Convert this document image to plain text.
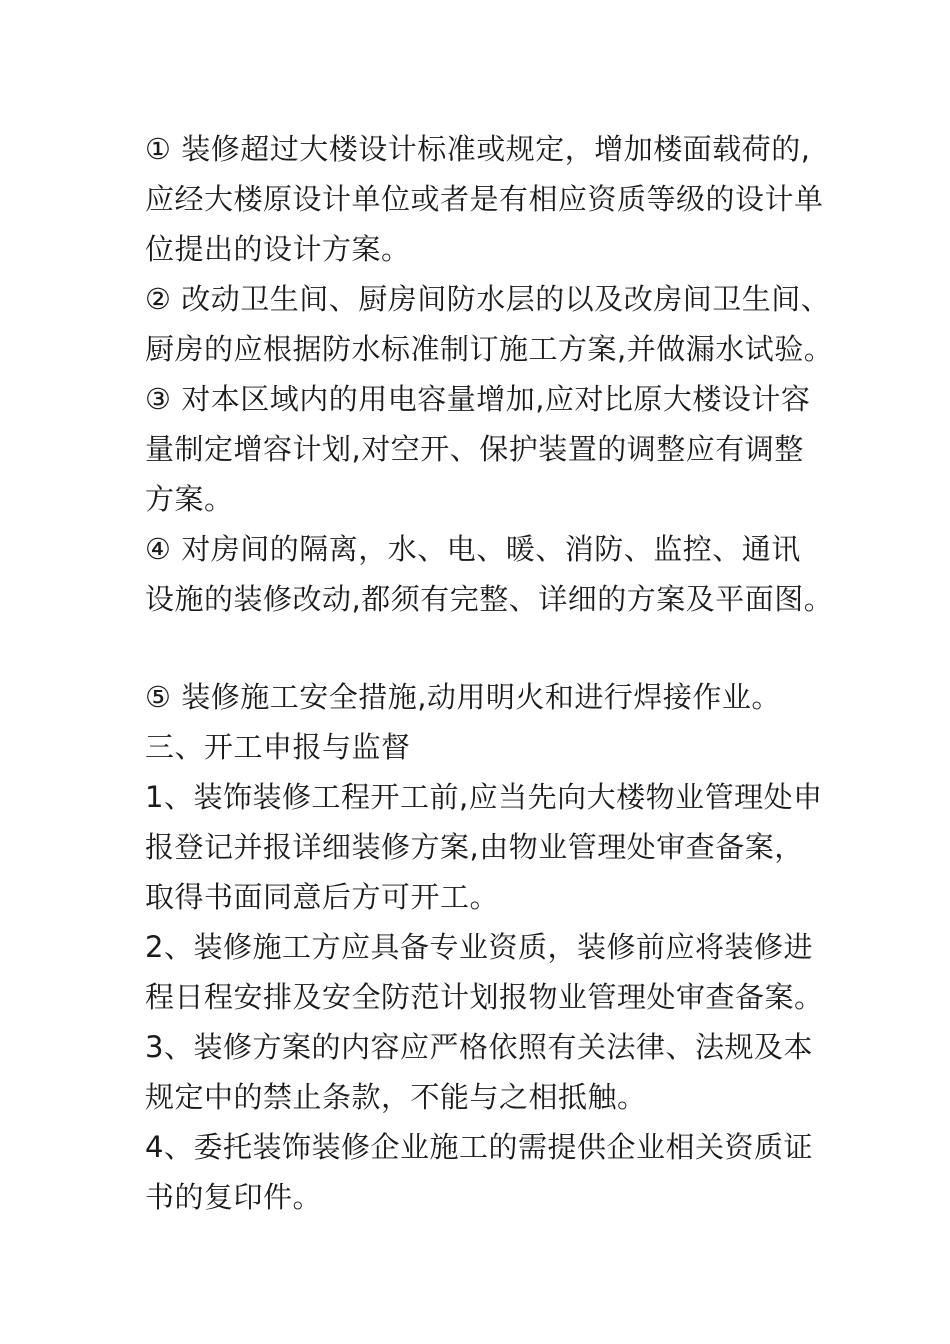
① 装修超过大楼设计标准或规定，增加楼面载荷的,
应经大楼原设计单位或者是有相应资质等级的设计单
位提出的设计方案。
② 改动卫生间、厨房间防水层的以及改房间卫生间、
厨房的应根据防水标准制订施工方案,并做漏水试验。
③ 对本区域内的用电容量增加,应对比原大楼设计容
量制定增容计划,对空开、保护装置的调整应有调整
方案。
④ 对房间的隔离，水、电、暖、消防、监控、通讯
设施的装修改动,都须有完整、详细的方案及平面图。
⑤ 装修施工安全措施,动用明火和进行焊接作业。
三、开工申报与监督
1、装饰装修工程开工前,应当先向大楼物业管理处申
报登记并报详细装修方案,由物业管理处审查备案，
取得书面同意后方可开工。
2、装修施工方应具备专业资质，装修前应将装修进
程日程安排及安全防范计划报物业管理处审查备案。
3、装修方案的内容应严格依照有关法律、法规及本
规定中的禁止条款，不能与之相抵触。
4、委托装饰装修企业施工的需提供企业相关资质证
书的复印件。
